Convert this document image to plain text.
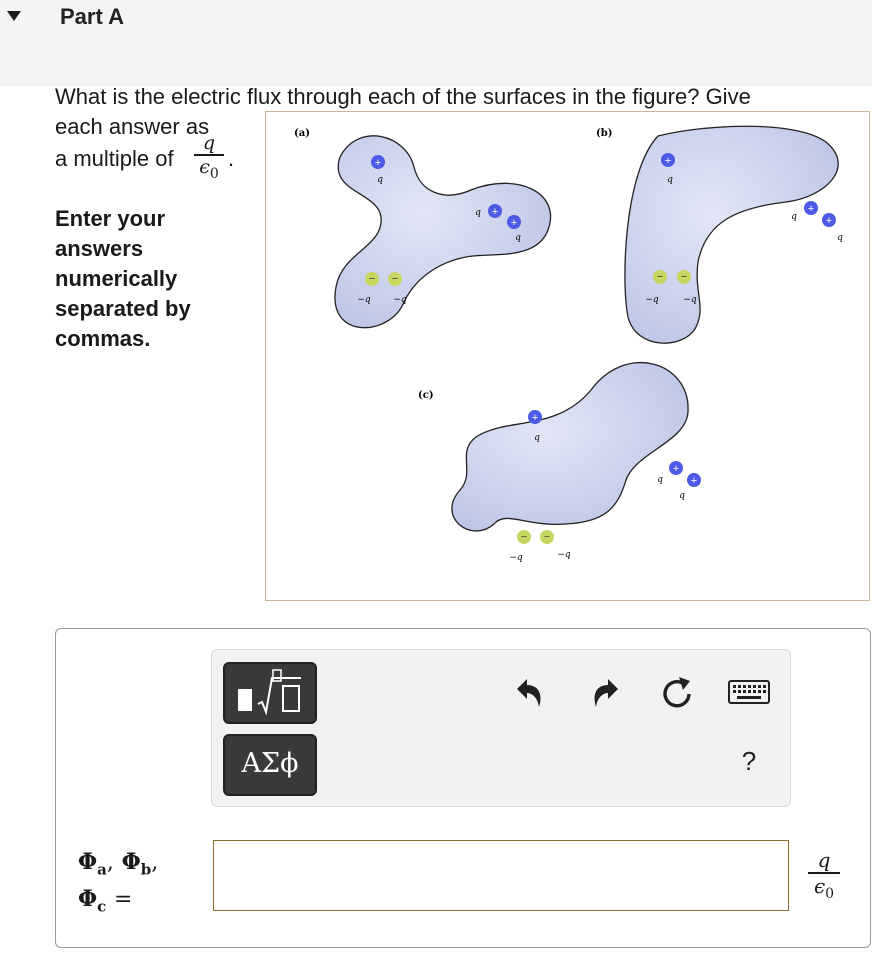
Part A
What is the electric flux through each of the surfaces in the figure? Give
each answer as
a multiple of
q
$\epsilon_0$
.
Enter your answers numerically separated by commas.
(a)	(b)
(c)
+
q
+
q
+
q
−
−q
−
−q
+
q
+
q	+
q
−
−q
−
−q
+
q
+
q	+
q
−
−q
−
−q
ΑΣϕ	?
$\Phi_a$, $\Phi_b$,
$\Phi_c$ =
q
$\epsilon_0$
